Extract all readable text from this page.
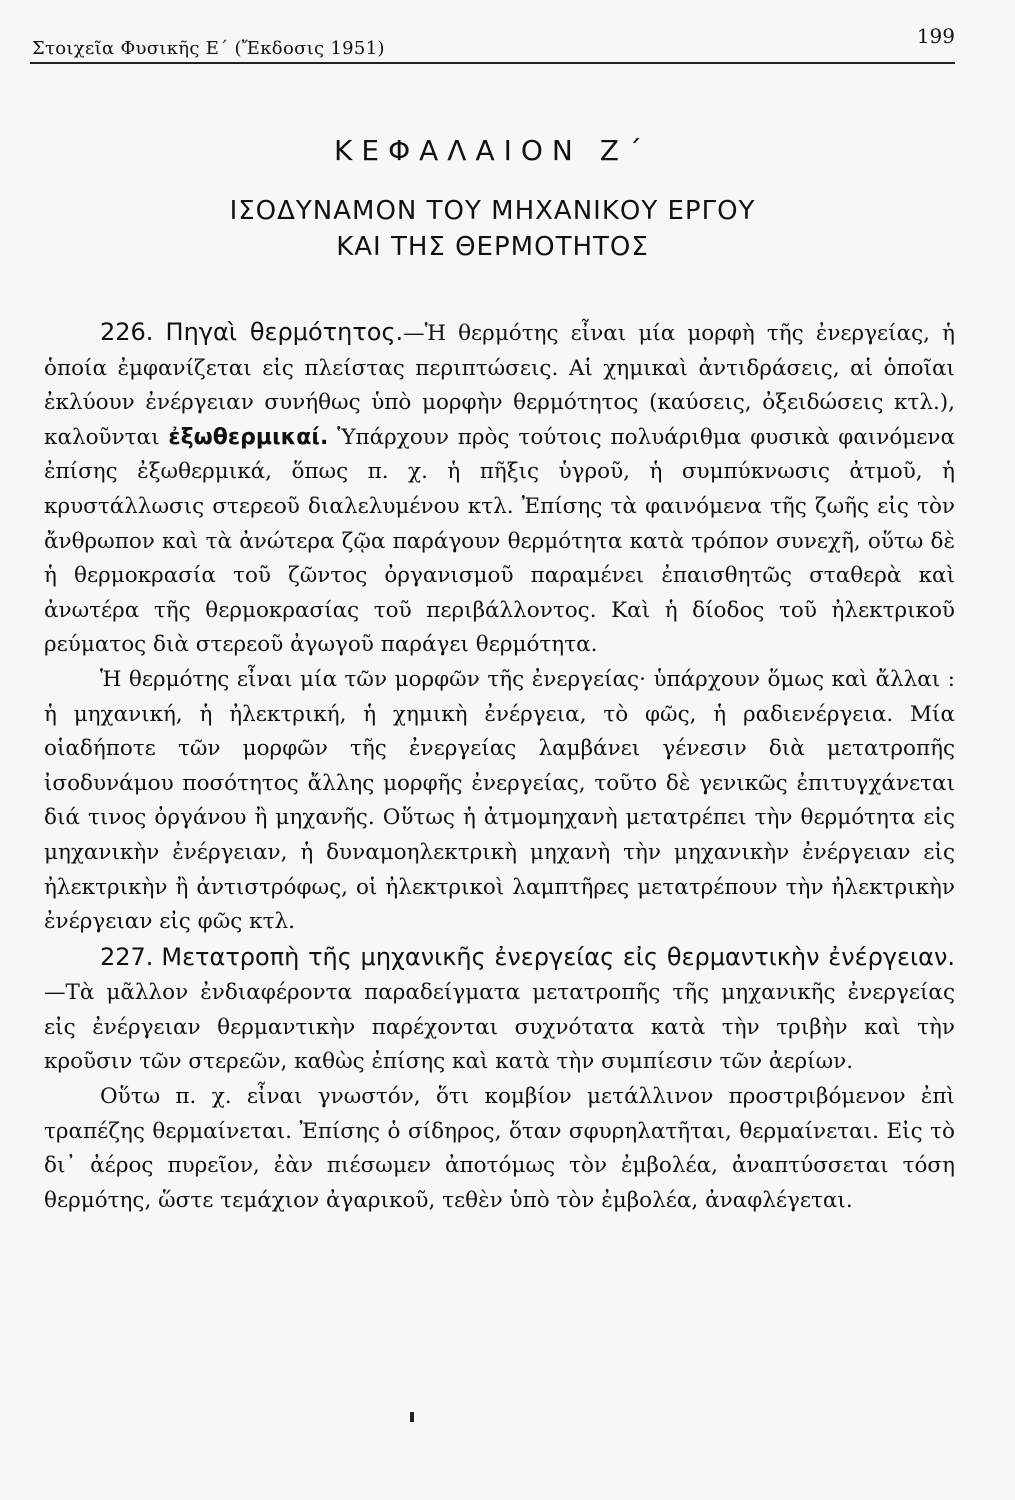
Στοιχεῖα Φυσικῆς Ε΄ (Ἔκδοσις 1951)
199
ΚΕΦΑΛΑΙΟΝ Ζ΄
ΙΣΟΔΥΝΑΜΟΝ ΤΟΥ ΜΗΧΑΝΙΚΟΥ ΕΡΓΟΥ
ΚΑΙ ΤΗΣ ΘΕΡΜΟΤΗΤΟΣ

226. Πηγαὶ θερμότητος.—Ἡ θερμότης εἶναι μία μορφὴ τῆς ἐνεργείας, ἡ ὁποία ἐμφανίζεται εἰς πλείστας περιπτώσεις. Αἱ χημικαὶ ἀντιδράσεις, αἱ ὁποῖαι ἐκλύουν ἐνέργειαν συνήθως ὑπὸ μορφὴν θερμότητος (καύσεις, ὀξειδώσεις κτλ.), καλοῦνται ἐξωθερμικαί. Ὑπάρχουν πρὸς τούτοις πολυάριθμα φυσικὰ φαινόμενα ἐπίσης ἐξωθερμικά, ὅπως π. χ. ἡ πῆξις ὑγροῦ, ἡ συμπύκνωσις ἀτμοῦ, ἡ κρυστάλλωσις στερεοῦ διαλελυμένου κτλ. Ἐπίσης τὰ φαινόμενα τῆς ζωῆς εἰς τὸν ἄνθρωπον καὶ τὰ ἀνώτερα ζῷα παράγουν θερμότητα κατὰ τρόπον συνεχῆ, οὕτω δὲ ἡ θερμοκρασία τοῦ ζῶντος ὀργανισμοῦ παραμένει ἐπαισθητῶς σταθερὰ καὶ ἀνωτέρα τῆς θερμοκρασίας τοῦ περιβάλλοντος. Καὶ ἡ δίοδος τοῦ ἠλεκτρικοῦ ρεύματος διὰ στερεοῦ ἀγωγοῦ παράγει θερμότητα.

Ἡ θερμότης εἶναι μία τῶν μορφῶν τῆς ἐνεργείας· ὑπάρχουν ὅμως καὶ ἄλλαι : ἡ μηχανική, ἡ ἠλεκτρική, ἡ χημικὴ ἐνέργεια, τὸ φῶς, ἡ ραδιενέργεια. Μία οἱαδήποτε τῶν μορφῶν τῆς ἐνεργείας λαμβάνει γένεσιν διὰ μετατροπῆς ἰσοδυνάμου ποσότητος ἄλλης μορφῆς ἐνεργείας, τοῦτο δὲ γενικῶς ἐπιτυγχάνεται διά τινος ὀργάνου ἢ μηχανῆς. Οὕτως ἡ ἀτμομηχανὴ μετατρέπει τὴν θερμότητα εἰς μηχανικὴν ἐνέργειαν, ἡ δυναμοηλεκτρικὴ μηχανὴ τὴν μηχανικὴν ἐνέργειαν εἰς ἠλεκτρικὴν ἢ ἀντιστρόφως, οἱ ἠλεκτρικοὶ λαμπτῆρες μετατρέπουν τὴν ἠλεκτρικὴν ἐνέργειαν εἰς φῶς κτλ.

227. Μετατροπὴ τῆς μηχανικῆς ἐνεργείας εἰς θερμαντικὴν ἐνέργειαν.—Τὰ μᾶλλον ἐνδιαφέροντα παραδείγματα μετατροπῆς τῆς μηχανικῆς ἐνεργείας εἰς ἐνέργειαν θερμαντικὴν παρέχονται συχνότατα κατὰ τὴν τριβὴν καὶ τὴν κροῦσιν τῶν στερεῶν, καθὼς ἐπίσης καὶ κατὰ τὴν συμπίεσιν τῶν ἀερίων.

Οὕτω π. χ. εἶναι γνωστόν, ὅτι κομβίον μετάλλινον προστριβόμενον ἐπὶ τραπέζης θερμαίνεται. Ἐπίσης ὁ σίδηρος, ὅταν σφυρηλατῆται, θερμαίνεται. Εἰς τὸ δι᾽ ἀέρος πυρεῖον, ἐὰν πιέσωμεν ἀποτόμως τὸν ἐμβολέα, ἀναπτύσσεται τόση θερμότης, ὥστε τεμάχιον ἀγαρικοῦ, τεθὲν ὑπὸ τὸν ἐμβολέα, ἀναφλέγεται.
